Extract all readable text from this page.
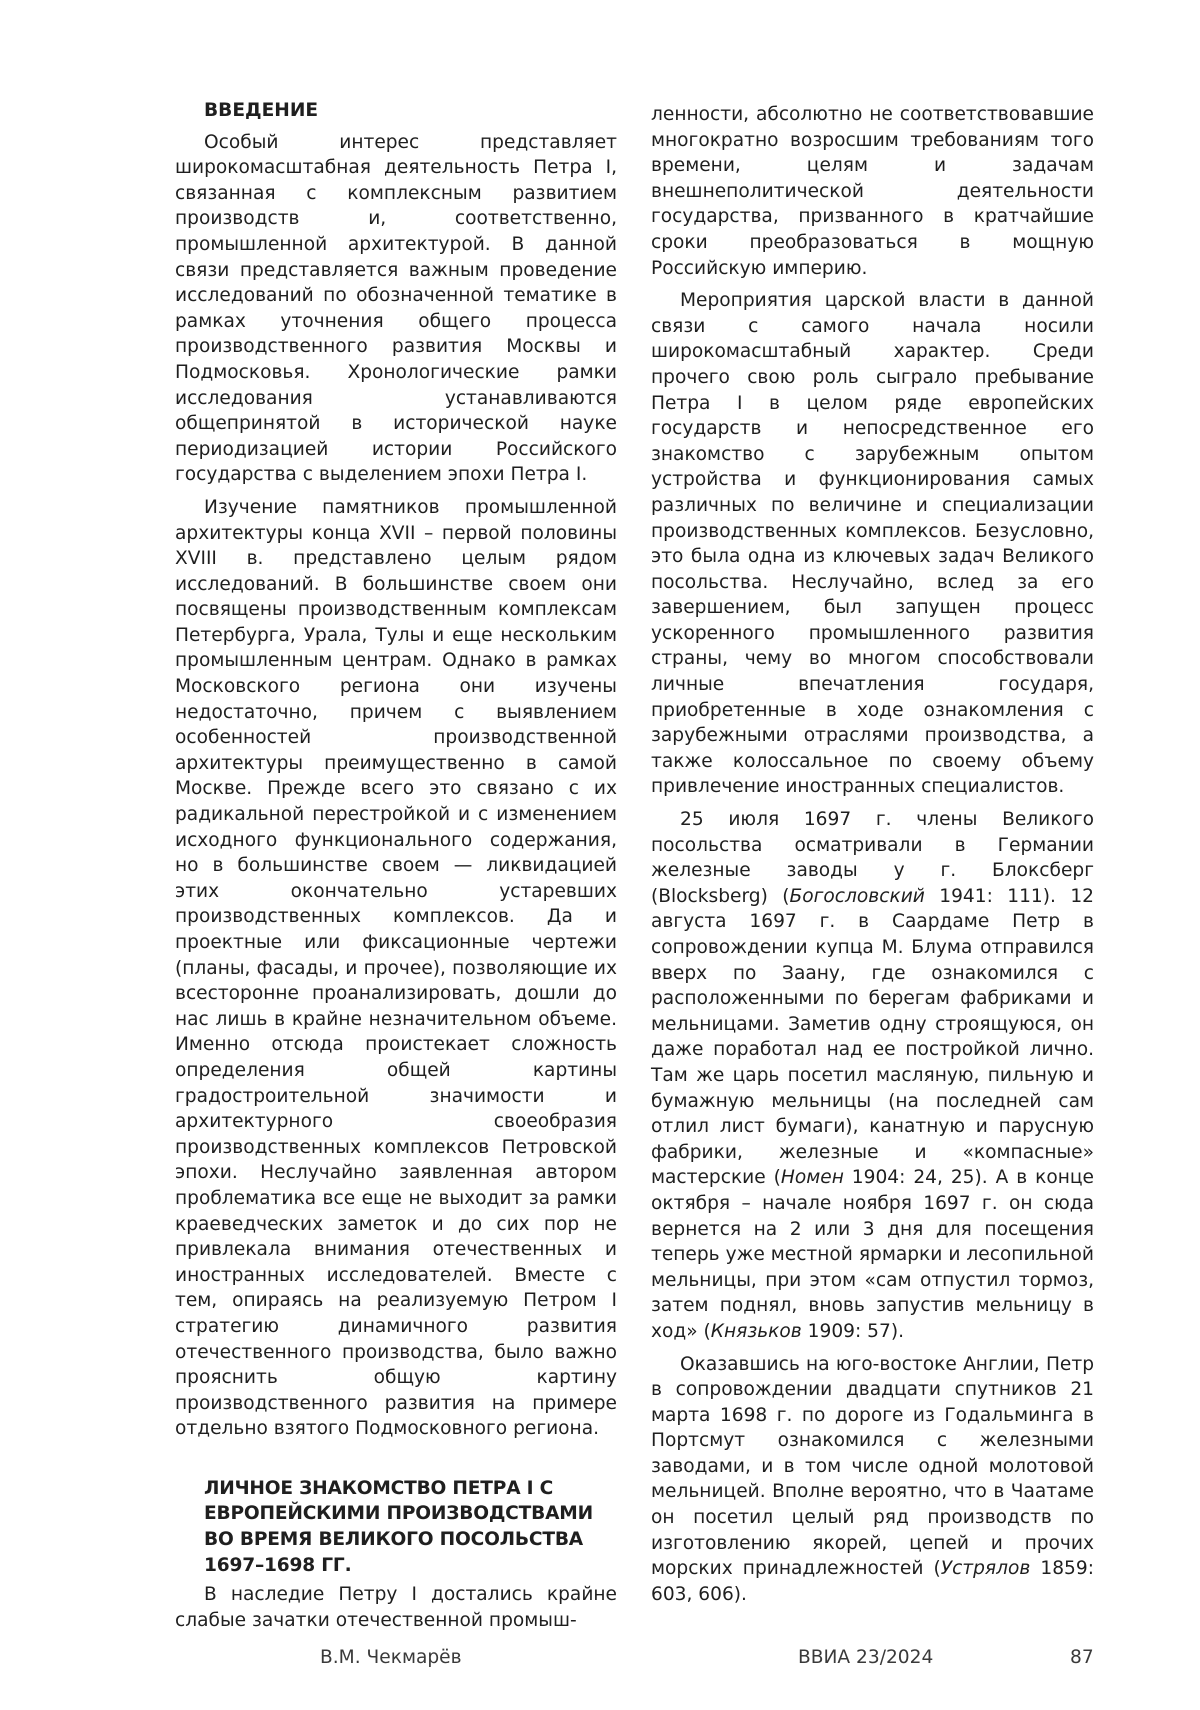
ВВЕДЕНИЕ

Особый интерес представляет широкомасштабная деятельность Петра I, связанная с комплексным развитием производств и, соответственно, промышленной архитектурой. В данной связи представляется важным проведение исследований по обозначенной тематике в рамках уточнения общего процесса производственного развития Москвы и Подмосковья. Хронологические рамки исследования устанавливаются общепринятой в исторической науке периодизацией истории Российского государства с выделением эпохи Петра I.

Изучение памятников промышленной архитектуры конца XVII – первой половины XVIII в. представлено целым рядом исследований. В большинстве своем они посвящены производственным комплексам Петербурга, Урала, Тулы и еще нескольким промышленным центрам. Однако в рамках Московского региона они изучены недостаточно, причем с выявлением особенностей производственной архитектуры преимущественно в самой Москве. Прежде всего это связано с их радикальной перестройкой и с изменением исходного функционального содержания, но в большинстве своем — ликвидацией этих окончательно устаревших производственных комплексов. Да и проектные или фиксационные чертежи (планы, фасады, и прочее), позволяющие их всесторонне проанализировать, дошли до нас лишь в крайне незначительном объеме. Именно отсюда проистекает сложность определения общей картины градостроительной значимости и архитектурного своеобразия производственных комплексов Петровской эпохи. Неслучайно заявленная автором проблематика все еще не выходит за рамки краеведческих заметок и до сих пор не привлекала внимания отечественных и иностранных исследователей. Вместе с тем, опираясь на реализуемую Петром I стратегию динамичного развития отечественного производства, было важно прояснить общую картину производственного развития на примере отдельно взятого Подмосковного региона.

ЛИЧНОЕ ЗНАКОМСТВО ПЕТРА I С ЕВРОПЕЙСКИМИ ПРОИЗВОДСТВАМИ ВО ВРЕМЯ ВЕЛИКОГО ПОСОЛЬСТВА 1697–1698 ГГ.

В наследие Петру I достались крайне слабые зачатки отечественной промыш-

ленности, абсолютно не соответствовавшие многократно возросшим требованиям того времени, целям и задачам внешнеполитической деятельности государства, призванного в кратчайшие сроки преобразоваться в мощную Российскую империю.

Мероприятия царской власти в данной связи с самого начала носили широкомасштабный характер. Среди прочего свою роль сыграло пребывание Петра I в целом ряде европейских государств и непосредственное его знакомство с зарубежным опытом устройства и функционирования самых различных по величине и специализации производственных комплексов. Безусловно, это была одна из ключевых задач Великого посольства. Неслучайно, вслед за его завершением, был запущен процесс ускоренного промышленного развития страны, чему во многом способствовали личные впечатления государя, приобретенные в ходе ознакомления с зарубежными отраслями производства, а также колоссальное по своему объему привлечение иностранных специалистов.

25 июля 1697 г. члены Великого посольства осматривали в Германии железные заводы у г. Блоксберг (Blocksberg) (Богословский 1941: 111). 12 августа 1697 г. в Саардаме Петр в сопровождении купца М. Блума отправился вверх по Заану, где ознакомился с расположенными по берегам фабриками и мельницами. Заметив одну строящуюся, он даже поработал над ее постройкой лично. Там же царь посетил масляную, пильную и бумажную мельницы (на последней сам отлил лист бумаги), канатную и парусную фабрики, железные и «компасные» мастерские (Номен 1904: 24, 25). А в конце октября – начале ноября 1697 г. он сюда вернется на 2 или 3 дня для посещения теперь уже местной ярмарки и лесопильной мельницы, при этом «сам отпустил тормоз, затем поднял, вновь запустив мельницу в ход» (Князьков 1909: 57).

Оказавшись на юго-востоке Англии, Петр в сопровождении двадцати спутников 21 марта 1698 г. по дороге из Годальминга в Портсмут ознакомился с железными заводами, и в том числе одной молотовой мельницей. Вполне вероятно, что в Чаатаме он посетил целый ряд производств по изготовлению якорей, цепей и прочих морских принадлежностей (Устрялов 1859: 603, 606).

В.М. Чекмарёв	ВВИА 23/2024	87
